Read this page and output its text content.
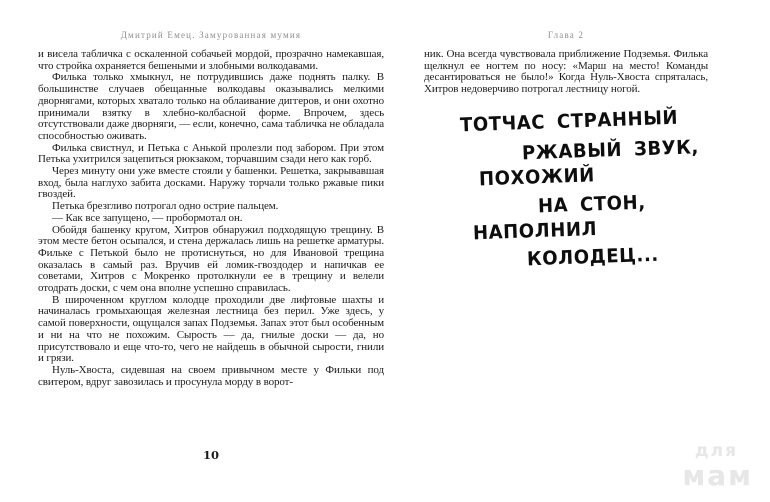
Дмитрий Емец. Замурованная мумия

и висела табличка с оскаленной собачьей мордой, прозрачно намекавшая, что стройка охраняется бешеными и злобными волкодавами.

Филька только хмыкнул, не потрудившись даже поднять палку. В большинстве случаев обещанные волкодавы оказывались мелкими дворнягами, которых хватало только на облаивание диггеров, и они охотно принимали взятку в хлебно-колбасной форме. Впрочем, здесь отсутствовали даже дворняги, — если, конечно, сама табличка не обладала способностью оживать.

Филька свистнул, и Петька с Анькой пролезли под забором. При этом Петька ухитрился зацепиться рюкзаком, торчавшим сзади него как горб.

Через минуту они уже вместе стояли у башенки. Решетка, закрывавшая вход, была наглухо забита досками. Наружу торчали только ржавые пики гвоздей.

Петька брезгливо потрогал одно острие пальцем.

— Как все запущено, — пробормотал он.

Обойдя башенку кругом, Хитров обнаружил подходящую трещину. В этом месте бетон осыпался, и стена держалась лишь на решетке арматуры. Фильке с Петькой было не протиснуться, но для Ивановой трещина оказалась в самый раз. Вручив ей ломик-гвоздодер и напичкав ее советами, Хитров с Мокренко протолкнули ее в трещину и велели отодрать доски, с чем она вполне успешно справилась.

В широченном круглом колодце проходили две лифтовые шахты и начиналась громыхающая железная лестница без перил. Уже здесь, у самой поверхности, ощущался запах Подземья. Запах этот был особенным и ни на что не похожим. Сырость — да, гнилые доски — да, но присутствовало и еще что-то, чего не найдешь в обычной сырости, гнили и грязи.

Нуль-Хвоста, сидевшая на своем привычном месте у Фильки под свитером, вдруг завозилась и просунула морду в ворот-

10
Глава 2

ник. Она всегда чувствовала приближение Подземья. Филька щелкнул ее ногтем по носу: «Марш на место! Команды десантироваться не было!» Когда Нуль-Хвоста спряталась, Хитров недоверчиво потрогал лестницу ногой.

ТОТЧАС СТРАННЫЙ
РЖАВЫЙ ЗВУК,
ПОХОЖИЙ
НА СТОН,
НАПОЛНИЛ
КОЛОДЕЦ...
для
мам
